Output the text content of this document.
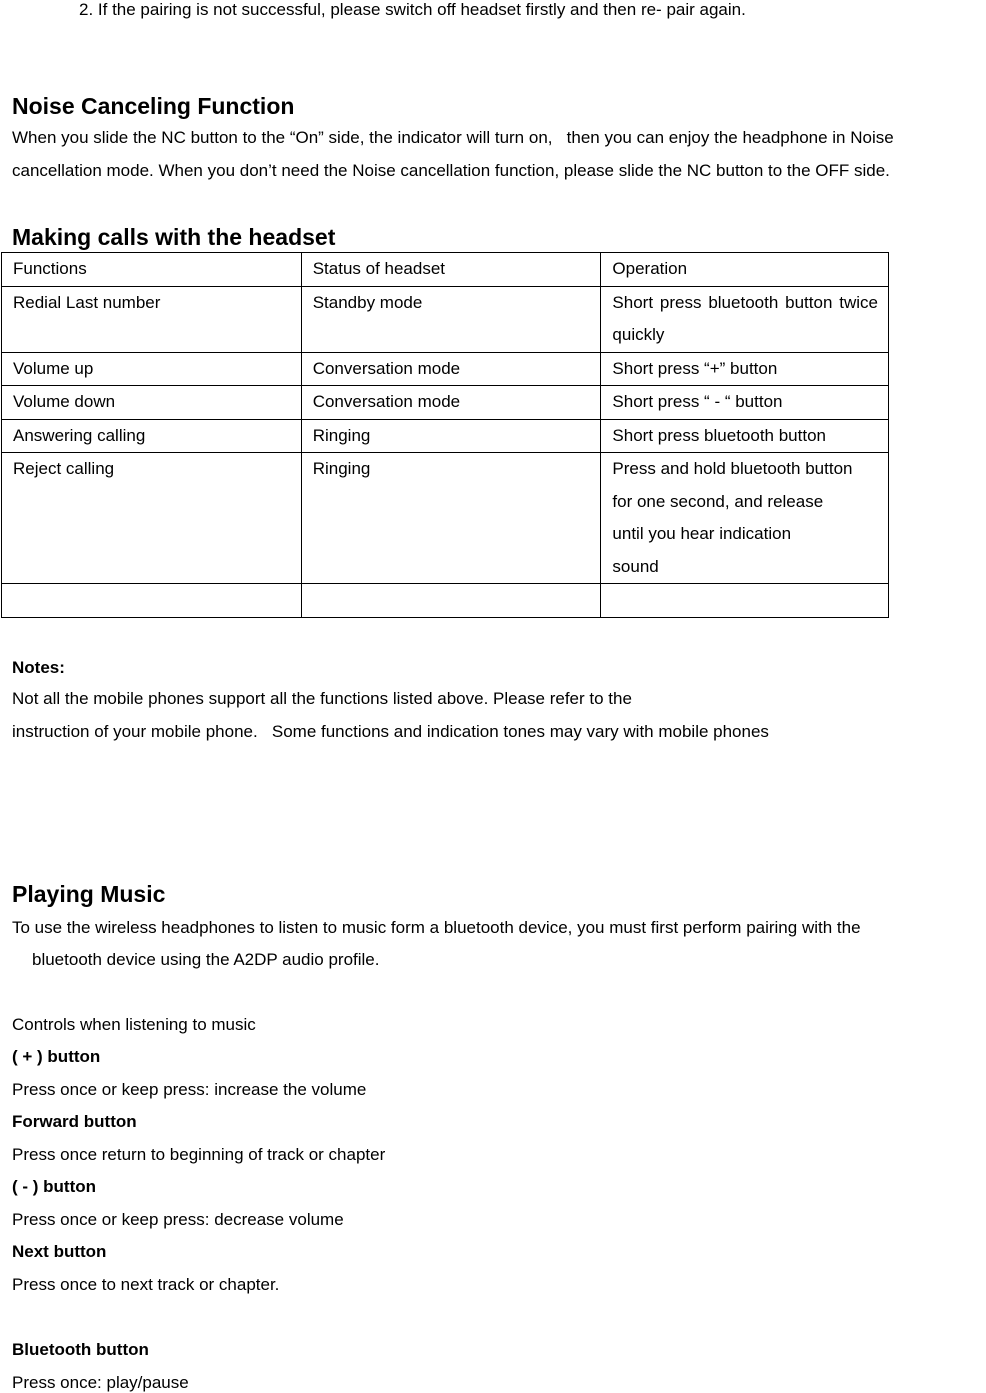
2. If the pairing is not successful, please switch off headset firstly and then re- pair again.
Noise Canceling Function
When you slide the NC button to the “On” side, the indicator will turn on,   then you can enjoy the headphone in Noise
cancellation mode. When you don’t need the Noise cancellation function, please slide the NC button to the OFF side.
Making calls with the headset
Functions	Status of headset	Operation
Redial Last number	Standby mode	Short press bluetooth button twice quickly
Volume up	Conversation mode	Short press “+” button
Volume down	Conversation mode	Short press “ - “ button
Answering calling	Ringing	Short press bluetooth button
Reject calling	Ringing	Press and hold bluetooth button
for one second, and release
until you hear indication
sound

Notes:
Not all the mobile phones support all the functions listed above. Please refer to the
instruction of your mobile phone.   Some functions and indication tones may vary with mobile phones
Playing Music
To use the wireless headphones to listen to music form a bluetooth device, you must first perform pairing with the
bluetooth device using the A2DP audio profile.
Controls when listening to music
( + ) button
Press once or keep press: increase the volume
Forward button
Press once return to beginning of track or chapter
( - ) button
Press once or keep press: decrease volume
Next button
Press once to next track or chapter.
Bluetooth button
Press once: play/pause
